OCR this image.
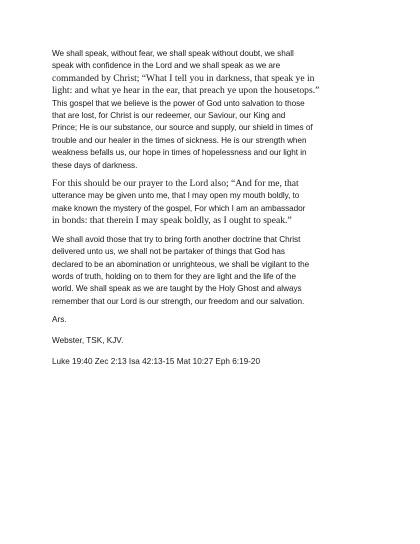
We shall speak, without fear, we shall speak without doubt, we shall
speak with confidence in the Lord and we shall speak as we are
commanded by Christ; “What I tell you in darkness, that speak ye in
light: and what ye hear in the ear, that preach ye upon the housetops.”
This gospel that we believe is the power of God unto salvation to those
that are lost, for Christ is our redeemer, our Saviour, our King and
Prince; He is our substance, our source and supply, our shield in times of
trouble and our healer in the times of sickness. He is our strength when
weakness befalls us, our hope in times of hopelessness and our light in
these days of darkness.
For this should be our prayer to the Lord also; “And for me, that
utterance may be given unto me, that I may open my mouth boldly, to
make known the mystery of the gospel, For which I am an ambassador
in bonds: that therein I may speak boldly, as I ought to speak.”
We shall avoid those that try to bring forth another doctrine that Christ
delivered unto us, we shall not be partaker of things that God has
declared to be an abomination or unrighteous, we shall be vigilant to the
words of truth, holding on to them for they are light and the life of the
world. We shall speak as we are taught by the Holy Ghost and always
remember that our Lord is our strength, our freedom and our salvation.
Ars.
Webster, TSK, KJV.
Luke 19:40 Zec 2:13 Isa 42:13-15 Mat 10:27 Eph 6:19-20
